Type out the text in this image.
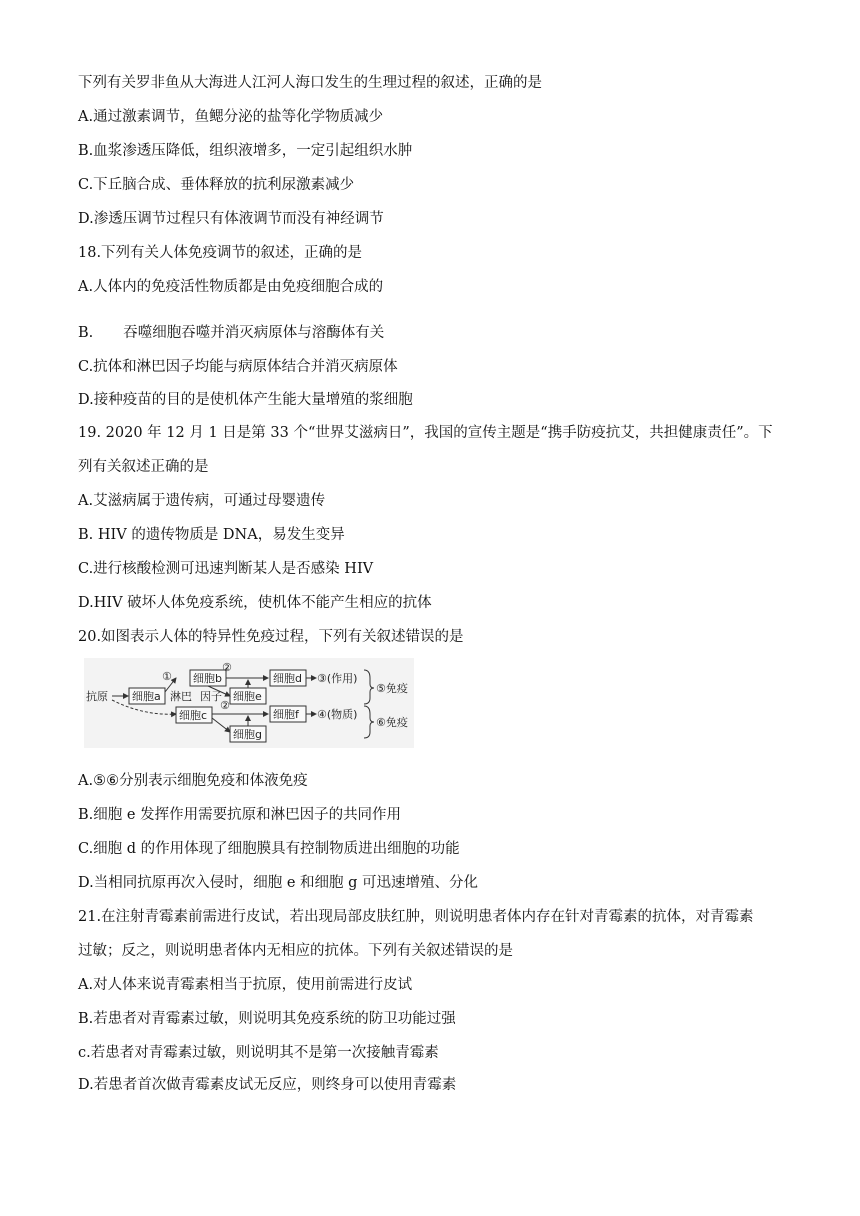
下列有关罗非鱼从大海进人江河人海口发生的生理过程的叙述，正确的是
A.通过激素调节，鱼鳃分泌的盐等化学物质减少
B.血浆渗透压降低，组织液增多，一定引起组织水肿
C.下丘脑合成、垂体释放的抗利尿激素减少
D.渗透压调节过程只有体液调节而没有神经调节
18.下列有关人体免疫调节的叙述，正确的是
A.人体内的免疫活性物质都是由免疫细胞合成的
B. 吞噬细胞吞噬并消灭病原体与溶酶体有关
C.抗体和淋巴因子均能与病原体结合并消灭病原体
D.接种疫苗的目的是使机体产生能大量增殖的浆细胞
19. 2020 年 12 月 1 日是第 33 个“世界艾滋病日”，我国的宣传主题是“携手防疫抗艾，共担健康责任”。下
列有关叙述正确的是
A.艾滋病属于遗传病，可通过母婴遗传
B. HIV 的遗传物质是 DNA，易发生变异
C.进行核酸检测可迅速判断某人是否感染 HIV
D.HIV 破坏人体免疫系统，使机体不能产生相应的抗体
20.如图表示人体的特异性免疫过程，下列有关叙述错误的是
抗原 细胞a
①
淋巴 因子
细胞b
细胞c
②
细胞e
细胞d ③(作用)
②
细胞f ④(物质)
细胞g
⑤免疫
⑥免疫
A.⑤⑥分别表示细胞免疫和体液免疫
B.细胞 e 发挥作用需要抗原和淋巴因子的共同作用
C.细胞 d 的作用体现了细胞膜具有控制物质进出细胞的功能
D.当相同抗原再次入侵时，细胞 e 和细胞 g 可迅速增殖、分化
21.在注射青霉素前需进行皮试，若出现局部皮肤红肿，则说明患者体内存在针对青霉素的抗体，对青霉素
过敏；反之，则说明患者体内无相应的抗体。下列有关叙述错误的是
A.对人体来说青霉素相当于抗原，使用前需进行皮试
B.若患者对青霉素过敏，则说明其免疫系统的防卫功能过强
c.若患者对青霉素过敏，则说明其不是第一次接触青霉素
D.若患者首次做青霉素皮试无反应，则终身可以使用青霉素
